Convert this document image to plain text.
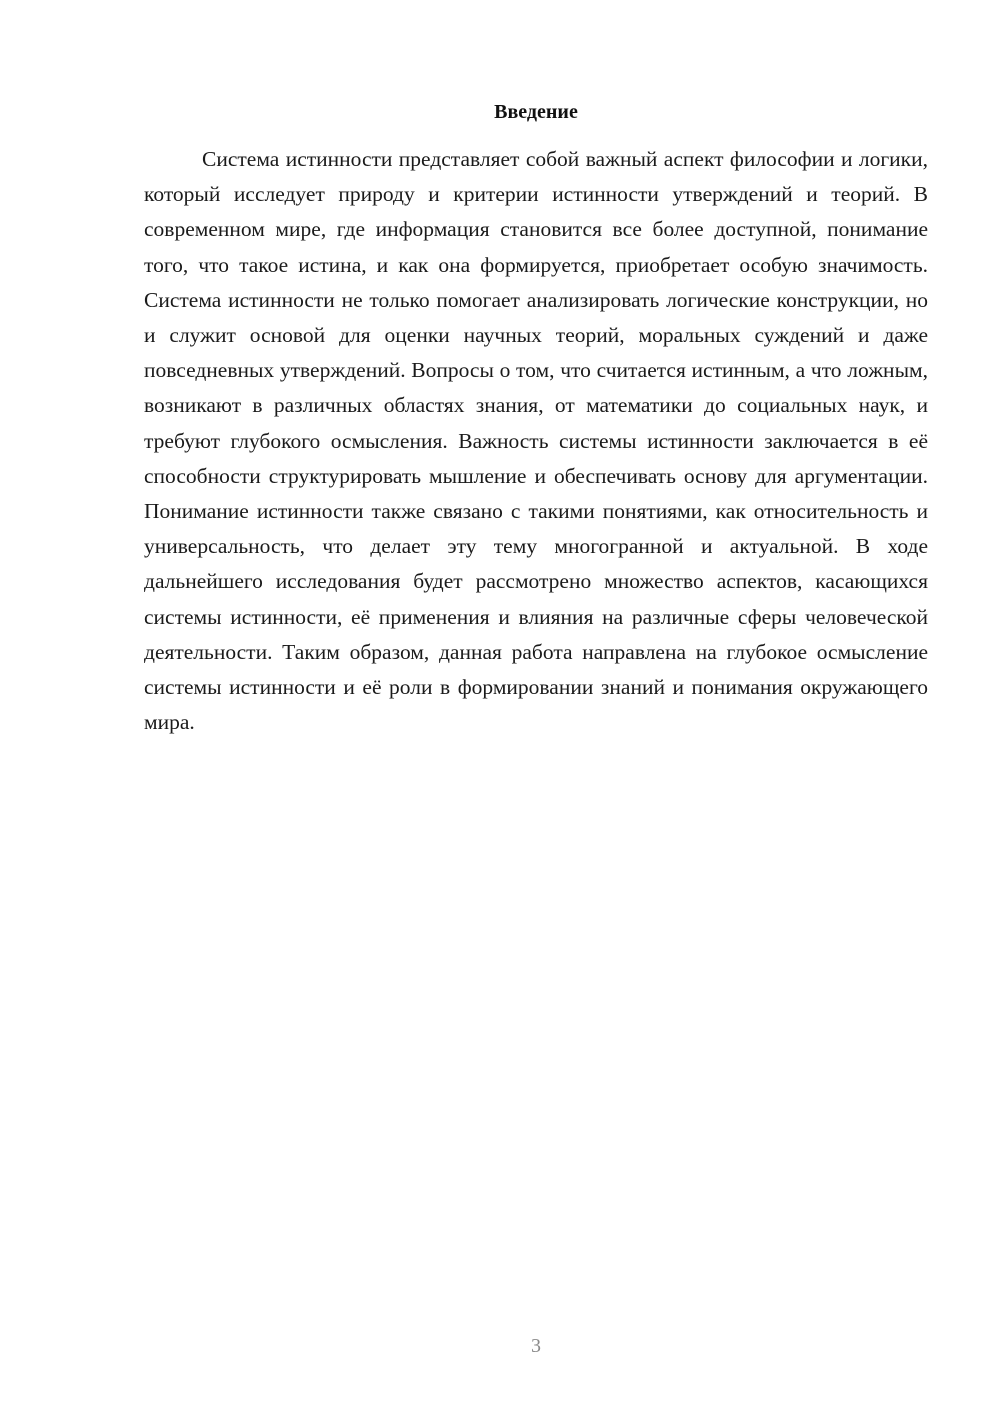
Введение

Система истинности представляет собой важный аспект философии и логики, который исследует природу и критерии истинности утверждений и теорий. В современном мире, где информация становится все более доступной, понимание того, что такое истина, и как она формируется, приобретает особую значимость. Система истинности не только помогает анализировать логические конструкции, но и служит основой для оценки научных теорий, моральных суждений и даже повседневных утверждений. Вопросы о том, что считается истинным, а что ложным, возникают в различных областях знания, от математики до социальных наук, и требуют глубокого осмысления. Важность системы истинности заключается в её способности структурировать мышление и обеспечивать основу для аргументации. Понимание истинности также связано с такими понятиями, как относительность и универсальность, что делает эту тему многогранной и актуальной. В ходе дальнейшего исследования будет рассмотрено множество аспектов, касающихся системы истинности, её применения и влияния на различные сферы человеческой деятельности. Таким образом, данная работа направлена на глубокое осмысление системы истинности и её роли в формировании знаний и понимания окружающего мира.

3
